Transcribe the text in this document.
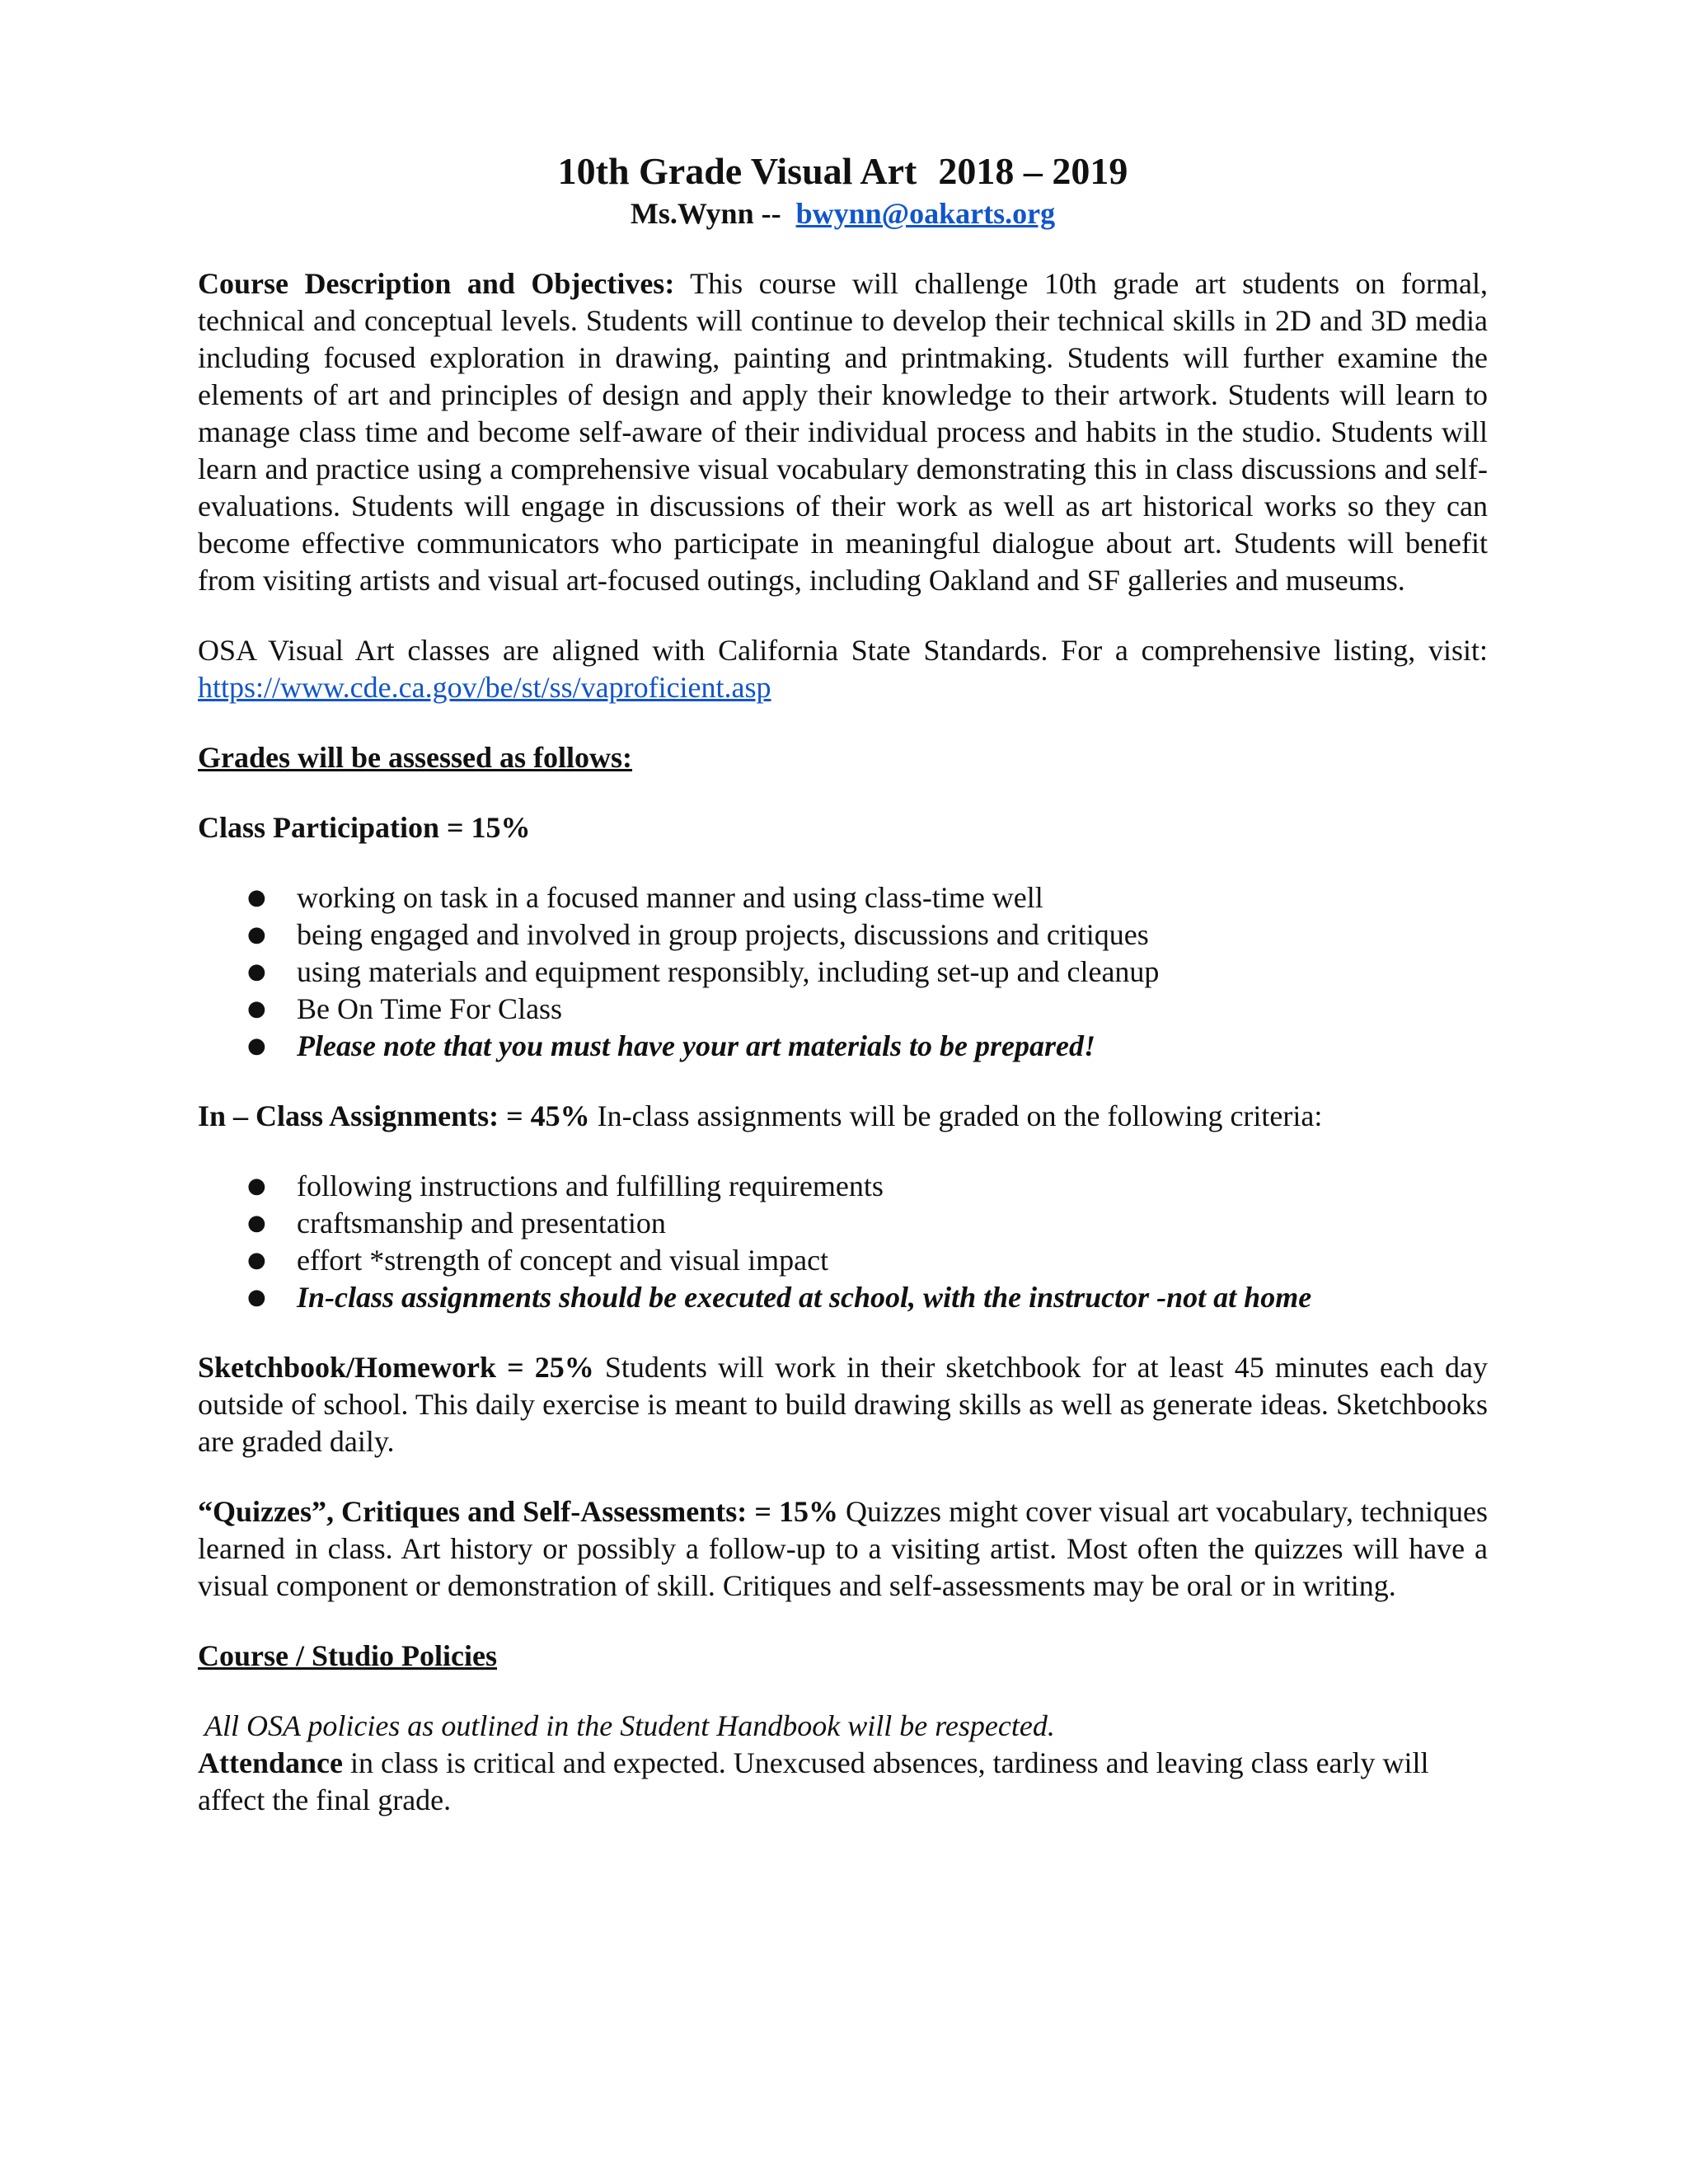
10th Grade Visual Art 2018 – 2019
Ms.Wynn -- bwynn@oakarts.org

Course Description and Objectives: This course will challenge 10th grade art students on formal, technical and conceptual levels. Students will continue to develop their technical skills in 2D and 3D media including focused exploration in drawing, painting and printmaking. Students will further examine the elements of art and principles of design and apply their knowledge to their artwork. Students will learn to manage class time and become self-aware of their individual process and habits in the studio. Students will learn and practice using a comprehensive visual vocabulary demonstrating this in class discussions and self-evaluations. Students will engage in discussions of their work as well as art historical works so they can become effective communicators who participate in meaningful dialogue about art. Students will benefit from visiting artists and visual art-focused outings, including Oakland and SF galleries and museums.

OSA Visual Art classes are aligned with California State Standards. For a comprehensive listing, visit: https://www.cde.ca.gov/be/st/ss/vaproficient.asp

Grades will be assessed as follows:

Class Participation = 15%

● working on task in a focused manner and using class-time well
● being engaged and involved in group projects, discussions and critiques
● using materials and equipment responsibly, including set-up and cleanup
● Be On Time For Class
● Please note that you must have your art materials to be prepared!

In – Class Assignments: = 45% In-class assignments will be graded on the following criteria:

● following instructions and fulfilling requirements
● craftsmanship and presentation
● effort *strength of concept and visual impact
● In-class assignments should be executed at school, with the instructor -not at home

Sketchbook/Homework = 25% Students will work in their sketchbook for at least 45 minutes each day outside of school. This daily exercise is meant to build drawing skills as well as generate ideas. Sketchbooks are graded daily.

“Quizzes”, Critiques and Self-Assessments: = 15% Quizzes might cover visual art vocabulary, techniques learned in class. Art history or possibly a follow-up to a visiting artist. Most often the quizzes will have a visual component or demonstration of skill. Critiques and self-assessments may be oral or in writing.

Course / Studio Policies

All OSA policies as outlined in the Student Handbook will be respected.

Attendance in class is critical and expected. Unexcused absences, tardiness and leaving class early will affect the final grade.
